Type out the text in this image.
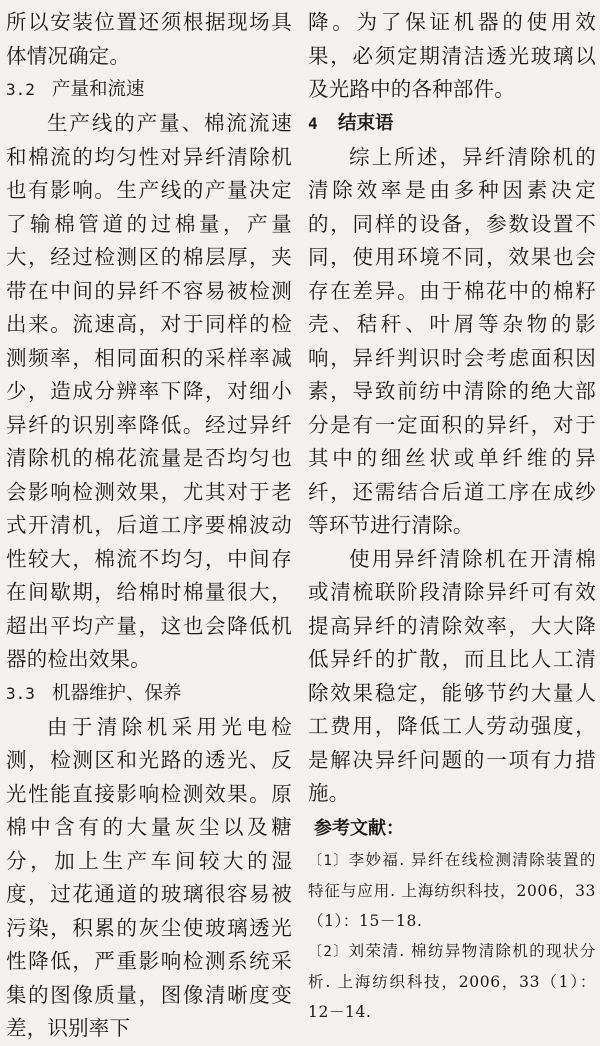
所以安装位置还须根据现场具体情况确定。

3.2 产量和流速

生产线的产量、棉流流速和棉流的均匀性对异纤清除机也有影响。生产线的产量决定了输棉管道的过棉量，产量大，经过检测区的棉层厚，夹带在中间的异纤不容易被检测出来。流速高，对于同样的检测频率，相同面积的采样率减少，造成分辨率下降，对细小异纤的识别率降低。经过异纤清除机的棉花流量是否均匀也会影响检测效果，尤其对于老式开清机，后道工序要棉波动性较大，棉流不均匀，中间存在间歇期，给棉时棉量很大，超出平均产量，这也会降低机器的检出效果。

3.3 机器维护、保养

由于清除机采用光电检测，检测区和光路的透光、反光性能直接影响检测效果。原棉中含有的大量灰尘以及糖分，加上生产车间较大的湿度，过花通道的玻璃很容易被污染，积累的灰尘使玻璃透光性降低，严重影响检测系统采集的图像质量，图像清晰度变差，识别率下

降。为了保证机器的使用效果，必须定期清洁透光玻璃以及光路中的各种部件。

4 结束语

综上所述，异纤清除机的清除效率是由多种因素决定的，同样的设备，参数设置不同，使用环境不同，效果也会存在差异。由于棉花中的棉籽壳、秸秆、叶屑等杂物的影响，异纤判识时会考虑面积因素，导致前纺中清除的绝大部分是有一定面积的异纤，对于其中的细丝状或单纤维的异纤，还需结合后道工序在成纱等环节进行清除。

使用异纤清除机在开清棉或清梳联阶段清除异纤可有效提高异纤的清除效率，大大降低异纤的扩散，而且比人工清除效果稳定，能够节约大量人工费用，降低工人劳动强度，是解决异纤问题的一项有力措施。

参考文献：

〔1〕李妙福. 异纤在线检测清除装置的特征与应用. 上海纺织科技，2006，33（1）：15－18.

〔2〕刘荣清. 棉纺异物清除机的现状分析. 上海纺织科技，2006，33（1）：12－14.
